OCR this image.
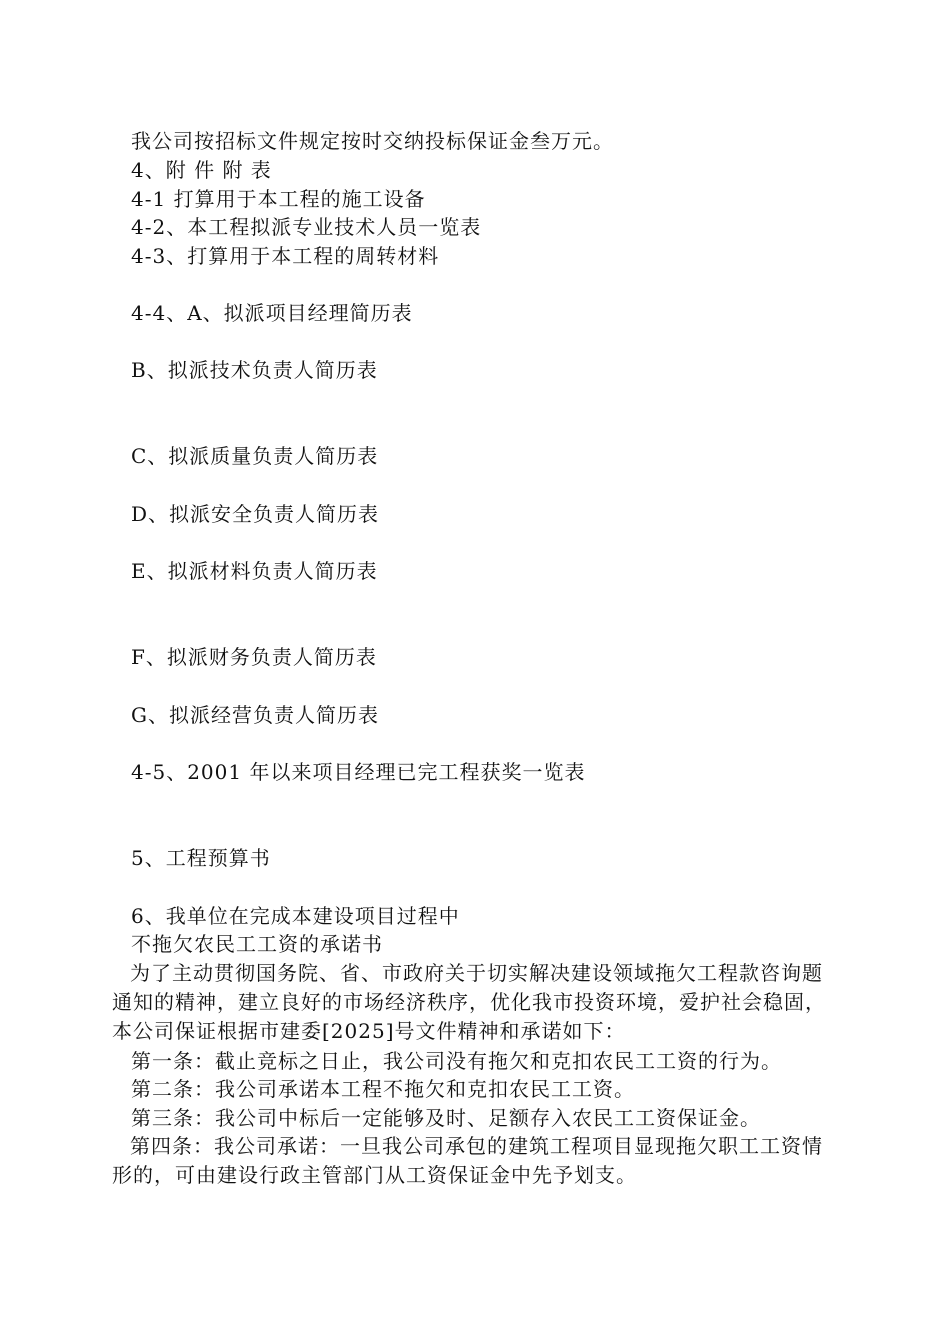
我公司按招标文件规定按时交纳投标保证金叁万元。
4、附 件 附 表
4-1 打算用于本工程的施工设备
4-2、本工程拟派专业技术人员一览表
4-3、打算用于本工程的周转材料
4-4、A、拟派项目经理简历表
B、拟派技术负责人简历表
C、拟派质量负责人简历表
D、拟派安全负责人简历表
E、拟派材料负责人简历表
F、拟派财务负责人简历表
G、拟派经营负责人简历表
4-5、2001 年以来项目经理已完工程获奖一览表
5、工程预算书
6、我单位在完成本建设项目过程中
不拖欠农民工工资的承诺书
为了主动贯彻国务院、省、市政府关于切实解决建设领域拖欠工程款咨询题通知的精神，建立良好的市场经济秩序，优化我市投资环境，爱护社会稳固，本公司保证根据市建委[2025]号文件精神和承诺如下：
第一条：截止竞标之日止，我公司没有拖欠和克扣农民工工资的行为。
第二条：我公司承诺本工程不拖欠和克扣农民工工资。
第三条：我公司中标后一定能够及时、足额存入农民工工资保证金。
第四条：我公司承诺：一旦我公司承包的建筑工程项目显现拖欠职工工资情形的，可由建设行政主管部门从工资保证金中先予划支。
